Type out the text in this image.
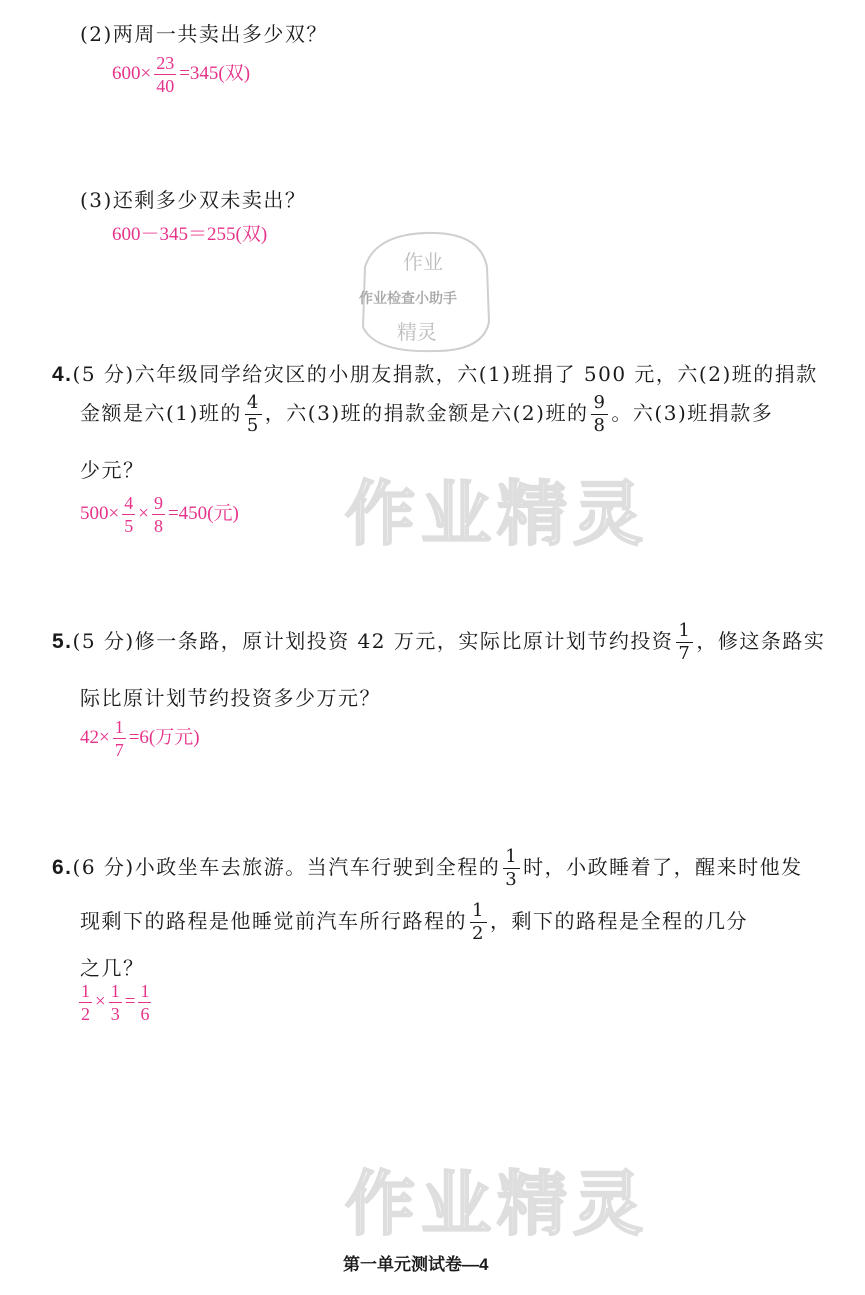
(2)两周一共卖出多少双？
$600\times \frac{23}{40} =345$(双)
(3)还剩多少双未卖出？
600－345＝255(双)
作业
作业检查小助手
精灵
4.(5 分)六年级同学给灾区的小朋友捐款，六(1)班捐了 500 元，六(2)班的捐款
金额是六(1)班的 $\frac{4}{5}$ ，六(3)班的捐款金额是六(2)班的 $\frac{9}{8}$ 。六(3)班捐款多
少元？
$500\times \frac{4}{5} \times \frac{9}{8} =450$(元) 作业精灵
5.(5 分)修一条路，原计划投资 42 万元，实际比原计划节约投资 $\frac{1}{7}$ ，修这条路实
际比原计划节约投资多少万元？
$42\times \frac{1}{7} =6$(万元)
6.(6 分)小政坐车去旅游。当汽车行驶到全程的 $\frac{1}{3}$ 时，小政睡着了，醒来时他发
现剩下的路程是他睡觉前汽车所行路程的 $\frac{1}{2}$ ，剩下的路程是全程的几分
之几？
$\frac{1}{2} \times \frac{1}{3} = \frac{1}{6}$
作业精灵
第一单元测试卷—4
